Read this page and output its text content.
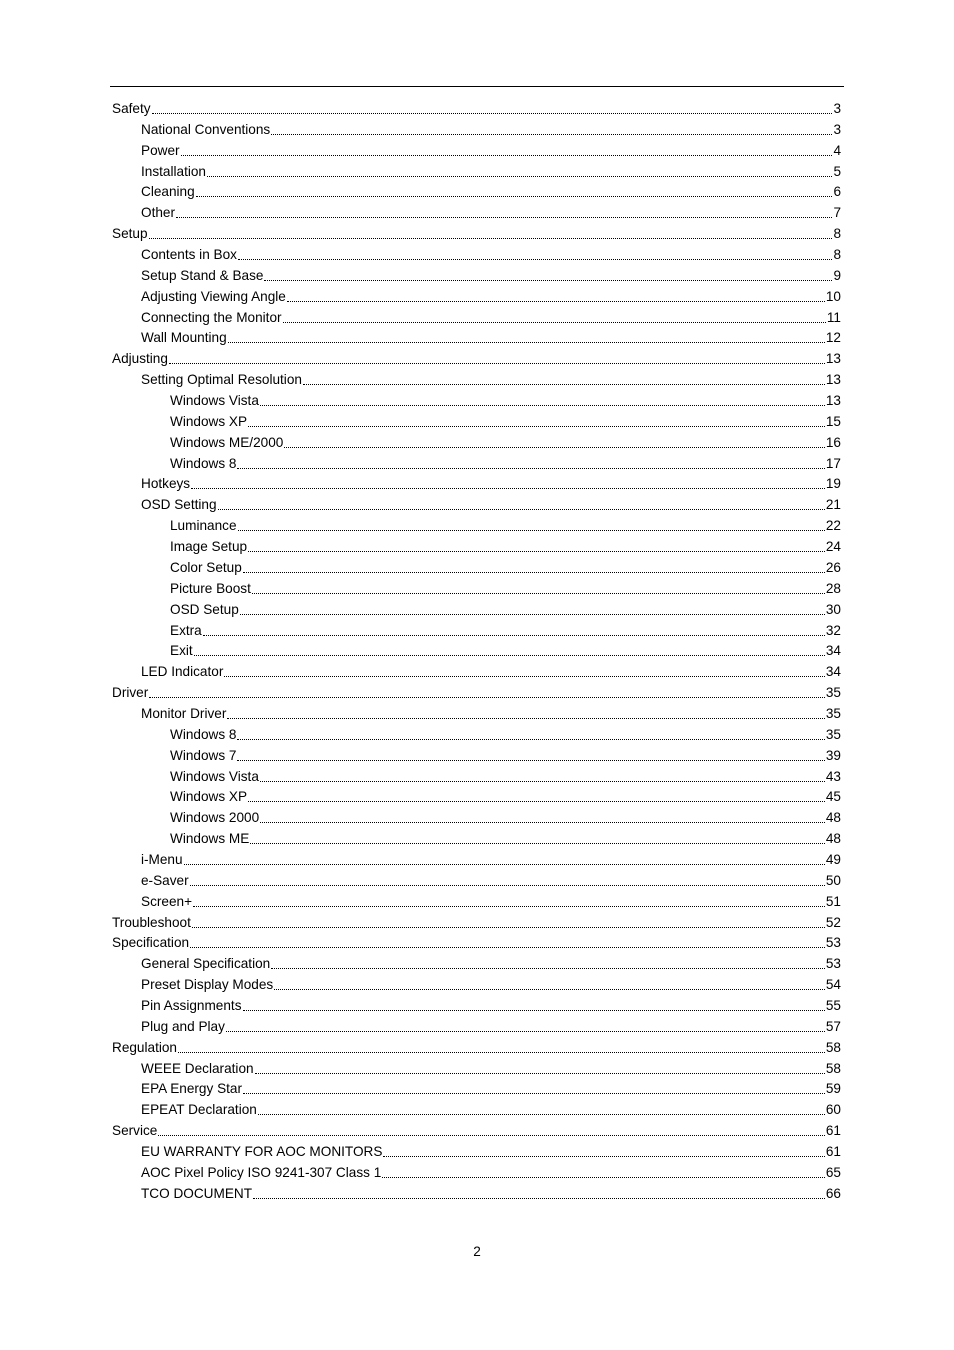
Safety	3
National Conventions	3
Power	4
Installation	5
Cleaning	6
Other	7
Setup	8
Contents in Box	8
Setup Stand & Base	9
Adjusting Viewing Angle	10
Connecting the Monitor	11
Wall Mounting	12
Adjusting	13
Setting Optimal Resolution	13
Windows Vista	13
Windows XP	15
Windows ME/2000	16
Windows 8	17
Hotkeys	19
OSD Setting	21
Luminance	22
Image Setup	24
Color Setup	26
Picture Boost	28
OSD Setup	30
Extra	32
Exit	34
LED Indicator	34
Driver	35
Monitor Driver	35
Windows 8	35
Windows 7	39
Windows Vista	43
Windows XP	45
Windows 2000	48
Windows ME	48
i-Menu	49
e-Saver	50
Screen+	51
Troubleshoot	52
Specification	53
General Specification	53
Preset Display Modes	54
Pin Assignments	55
Plug and Play	57
Regulation	58
WEEE Declaration	58
EPA Energy Star	59
EPEAT Declaration	60
Service	61
EU WARRANTY FOR AOC MONITORS	61
AOC Pixel Policy ISO 9241-307 Class 1	65
TCO DOCUMENT	66
2
